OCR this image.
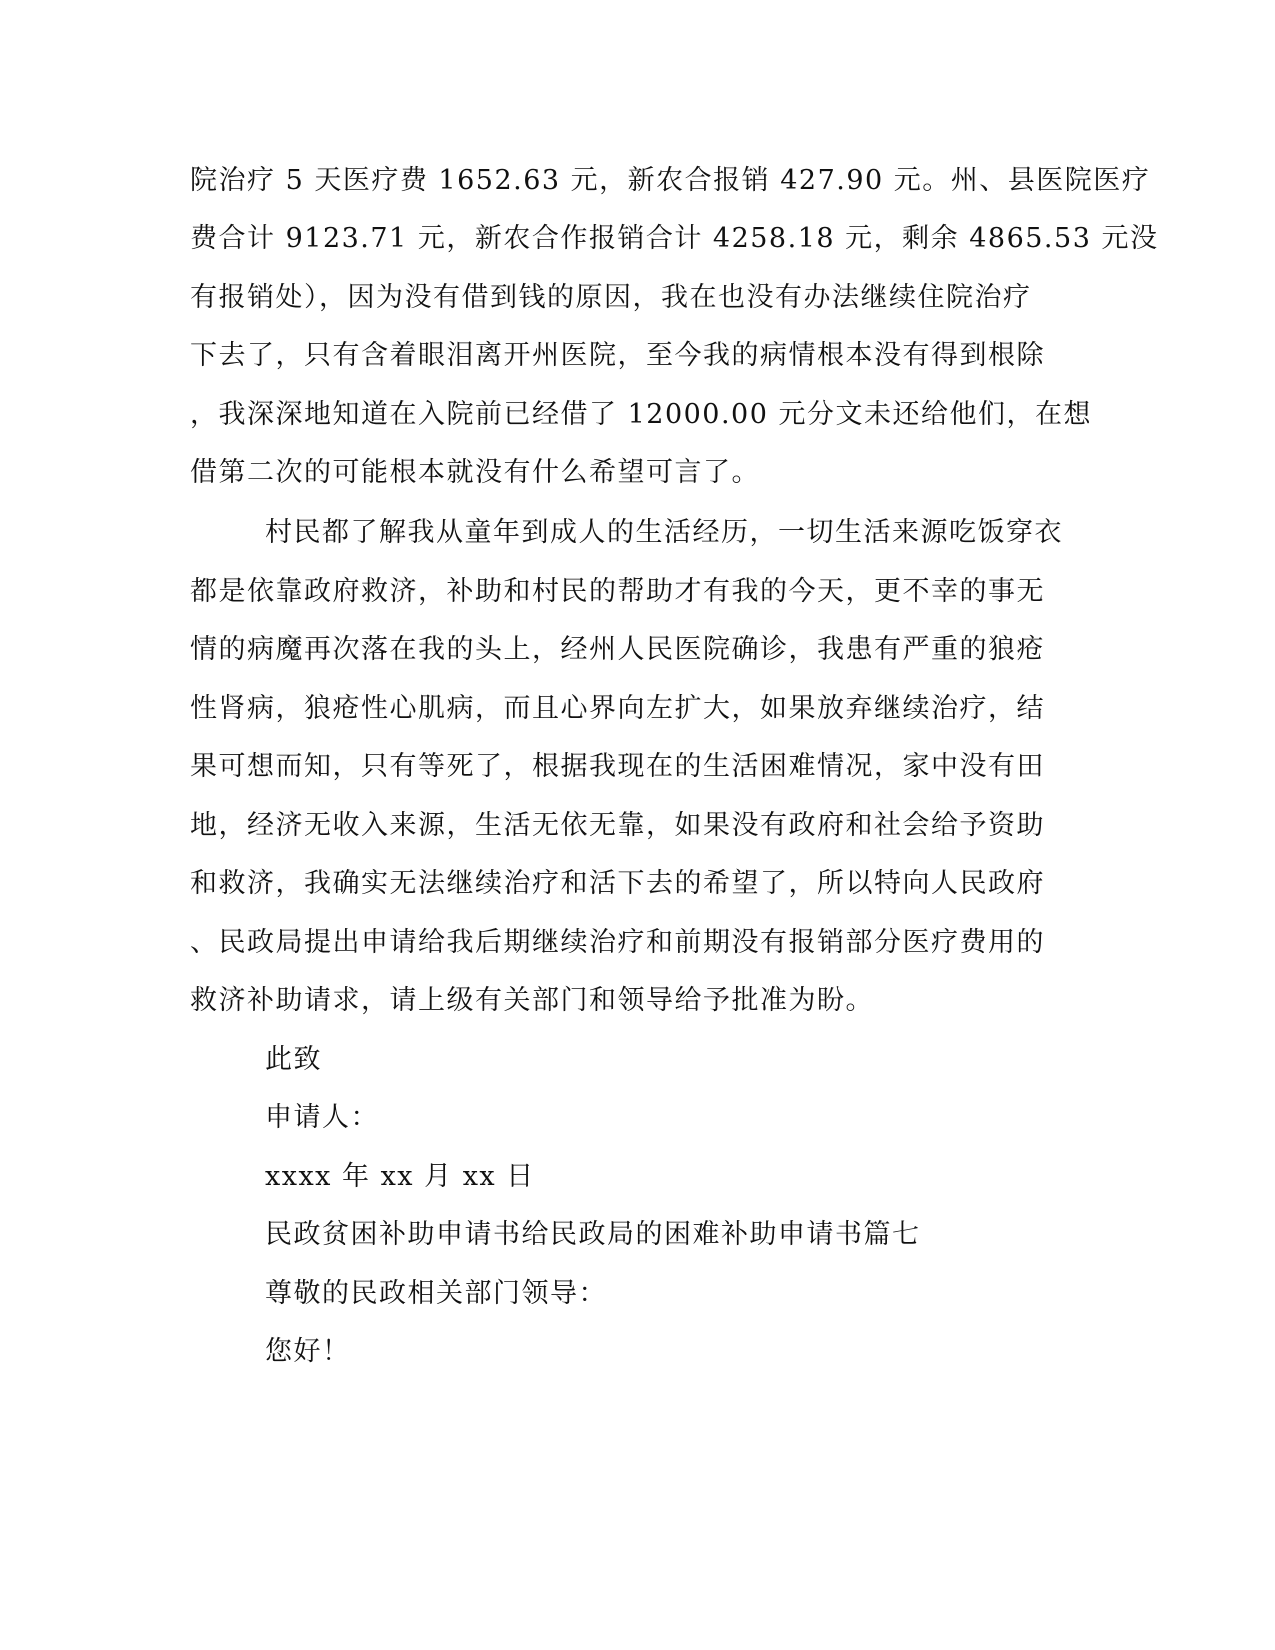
院治疗 5 天医疗费 1652.63 元，新农合报销 427.90 元。州、县医院医疗
费合计 9123.71 元，新农合作报销合计 4258.18 元，剩余 4865.53 元没
有报销处），因为没有借到钱的原因，我在也没有办法继续住院治疗
下去了，只有含着眼泪离开州医院，至今我的病情根本没有得到根除
，我深深地知道在入院前已经借了 12000.00 元分文未还给他们，在想
借第二次的可能根本就没有什么希望可言了。
村民都了解我从童年到成人的生活经历，一切生活来源吃饭穿衣
都是依靠政府救济，补助和村民的帮助才有我的今天，更不幸的事无
情的病魔再次落在我的头上，经州人民医院确诊，我患有严重的狼疮
性肾病，狼疮性心肌病，而且心界向左扩大，如果放弃继续治疗，结
果可想而知，只有等死了，根据我现在的生活困难情况，家中没有田
地，经济无收入来源，生活无依无靠，如果没有政府和社会给予资助
和救济，我确实无法继续治疗和活下去的希望了，所以特向人民政府
、民政局提出申请给我后期继续治疗和前期没有报销部分医疗费用的
救济补助请求，请上级有关部门和领导给予批准为盼。
此致
申请人：
xxxx 年 xx 月 xx 日
民政贫困补助申请书给民政局的困难补助申请书篇七
尊敬的民政相关部门领导：
您好！
